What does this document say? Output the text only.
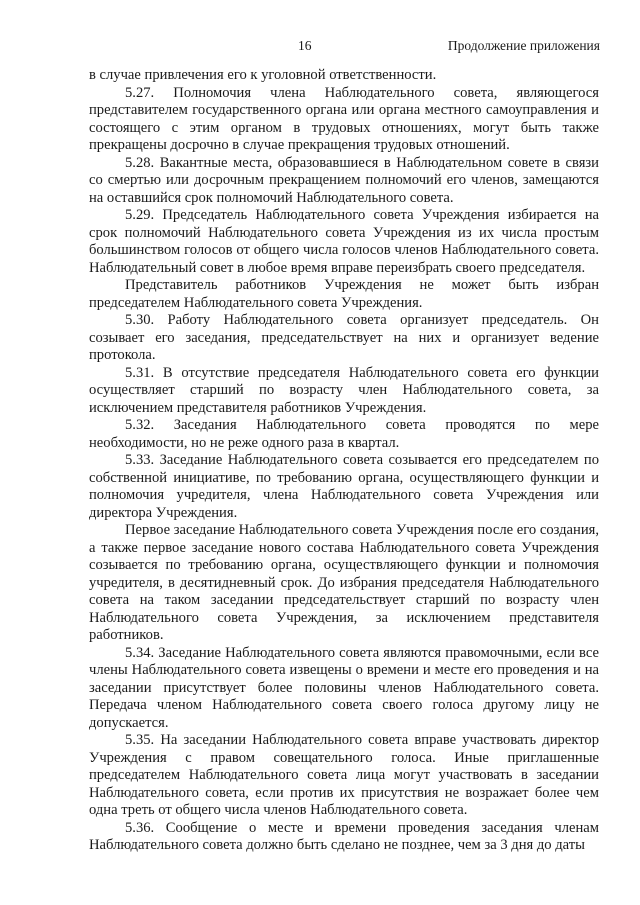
16	Продолжение приложения

в случае привлечения его к уголовной ответственности.

5.27. Полномочия члена Наблюдательного совета, являющегося представителем государственного органа или органа местного самоуправления и состоящего с этим органом в трудовых отношениях, могут быть также прекращены досрочно в случае прекращения трудовых отношений.

5.28. Вакантные места, образовавшиеся в Наблюдательном совете в связи со смертью или досрочным прекращением полномочий его членов, замещаются на оставшийся срок полномочий Наблюдательного совета.

5.29. Председатель Наблюдательного совета Учреждения избирается на срок полномочий Наблюдательного совета Учреждения из их числа простым большинством голосов от общего числа голосов членов Наблюдательного совета. Наблюдательный совет в любое время вправе переизбрать своего председателя.

Представитель работников Учреждения не может быть избран председателем Наблюдательного совета Учреждения.

5.30. Работу Наблюдательного совета организует председатель. Он созывает его заседания, председательствует на них и организует ведение протокола.

5.31. В отсутствие председателя Наблюдательного совета его функции осуществляет старший по возрасту член Наблюдательного совета, за исключением представителя работников Учреждения.

5.32. Заседания Наблюдательного совета проводятся по мере необходимости, но не реже одного раза в квартал.

5.33. Заседание Наблюдательного совета созывается его председателем по собственной инициативе, по требованию органа, осуществляющего функции и полномочия учредителя, члена Наблюдательного совета Учреждения или директора Учреждения.

Первое заседание Наблюдательного совета Учреждения после его создания, а также первое заседание нового состава Наблюдательного совета Учреждения созывается по требованию органа, осуществляющего функции и полномочия учредителя, в десятидневный срок. До избрания председателя Наблюдательного совета на таком заседании председательствует старший по возрасту член Наблюдательного совета Учреждения, за исключением представителя работников.

5.34. Заседание Наблюдательного совета являются правомочными, если все члены Наблюдательного совета извещены о времени и месте его проведения и на заседании присутствует более половины членов Наблюдательного совета. Передача членом Наблюдательного совета своего голоса другому лицу не допускается.

5.35. На заседании Наблюдательного совета вправе участвовать директор Учреждения с правом совещательного голоса. Иные приглашенные председателем Наблюдательного совета лица могут участвовать в заседании Наблюдательного совета, если против их присутствия не возражает более чем одна треть от общего числа членов Наблюдательного совета.

5.36. Сообщение о месте и времени проведения заседания членам Наблюдательного совета должно быть сделано не позднее, чем за 3 дня до даты
